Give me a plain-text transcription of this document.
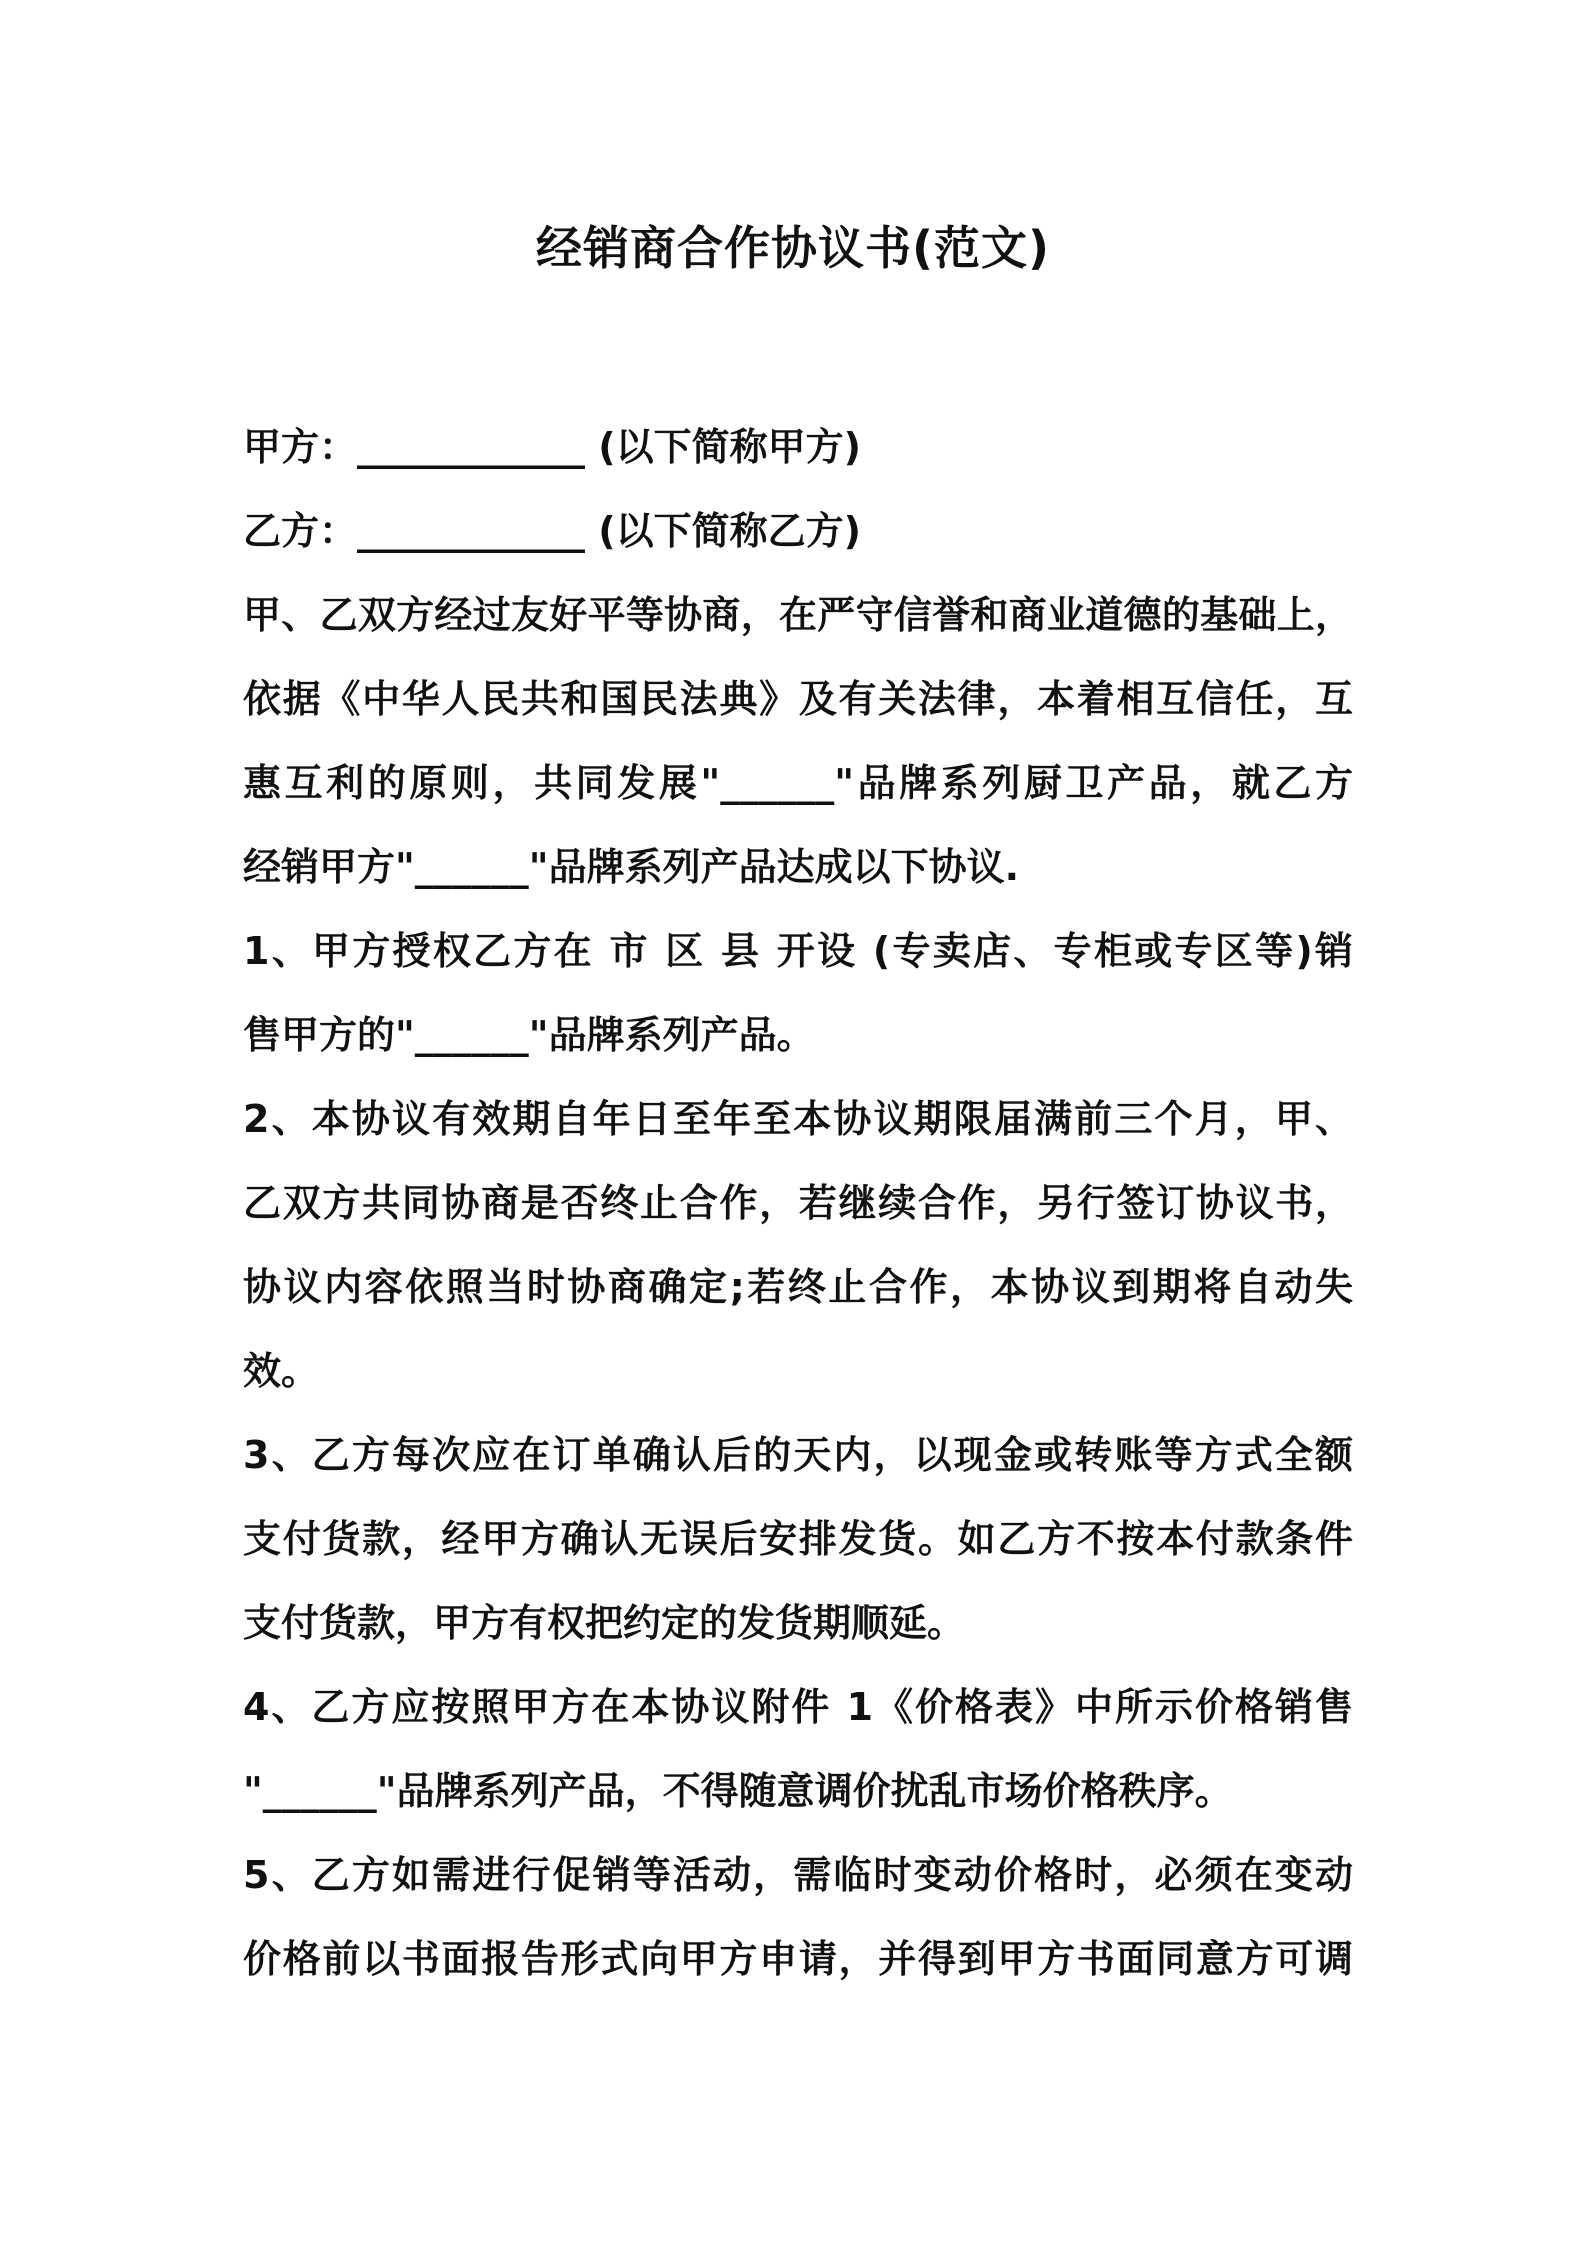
经销商合作协议书(范文)
甲方：____________ (以下简称甲方)
乙方：____________ (以下简称乙方)
甲、乙双方经过友好平等协商，在严守信誉和商业道德的基础上，
依据《中华人民共和国民法典》及有关法律，本着相互信任，互
惠互利的原则，共同发展"______"品牌系列厨卫产品，就乙方
经销甲方"______"品牌系列产品达成以下协议.
1、甲方授权乙方在 市 区 县 开设 (专卖店、专柜或专区等)销
售甲方的"______"品牌系列产品。
2、本协议有效期自年日至年至本协议期限届满前三个月，甲、
乙双方共同协商是否终止合作，若继续合作，另行签订协议书，
协议内容依照当时协商确定;若终止合作，本协议到期将自动失
效。
3、乙方每次应在订单确认后的天内，以现金或转账等方式全额
支付货款，经甲方确认无误后安排发货。如乙方不按本付款条件
支付货款，甲方有权把约定的发货期顺延。
4、乙方应按照甲方在本协议附件 1《价格表》中所示价格销售
"______"品牌系列产品，不得随意调价扰乱市场价格秩序。
5、乙方如需进行促销等活动，需临时变动价格时，必须在变动
价格前以书面报告形式向甲方申请，并得到甲方书面同意方可调
